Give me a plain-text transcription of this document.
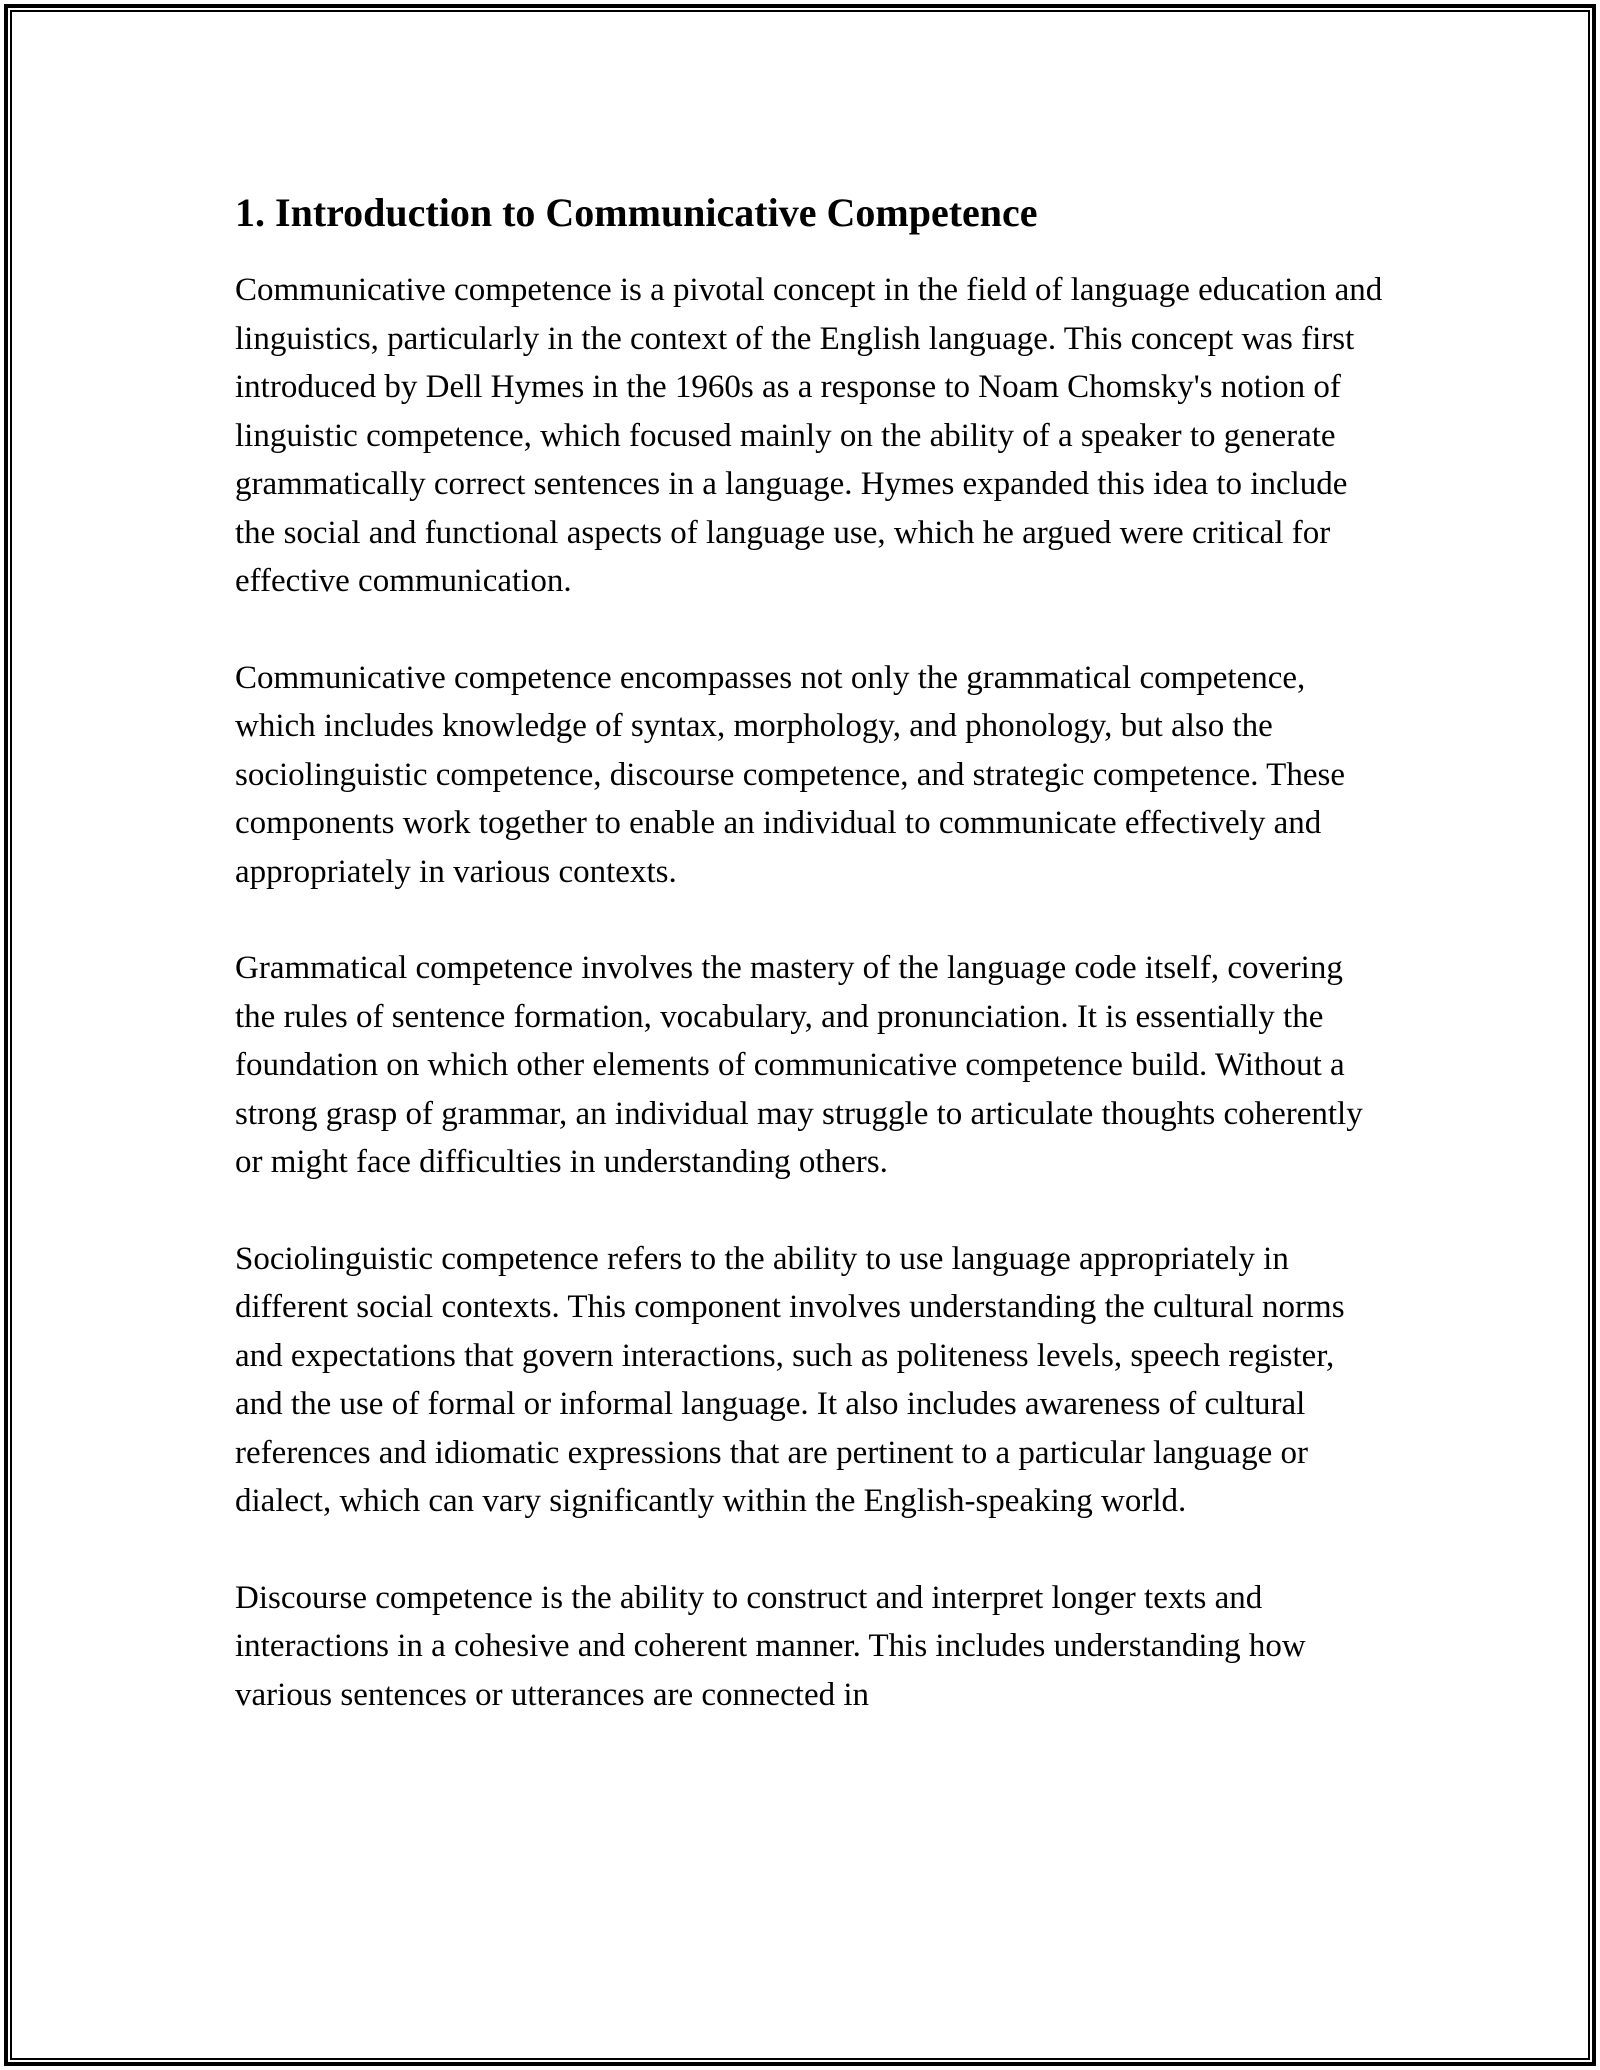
1. Introduction to Communicative Competence

Communicative competence is a pivotal concept in the field of language education and linguistics, particularly in the context of the English language. This concept was first introduced by Dell Hymes in the 1960s as a response to Noam Chomsky's notion of linguistic competence, which focused mainly on the ability of a speaker to generate grammatically correct sentences in a language. Hymes expanded this idea to include the social and functional aspects of language use, which he argued were critical for effective communication.

Communicative competence encompasses not only the grammatical competence, which includes knowledge of syntax, morphology, and phonology, but also the sociolinguistic competence, discourse competence, and strategic competence. These components work together to enable an individual to communicate effectively and appropriately in various contexts.

Grammatical competence involves the mastery of the language code itself, covering the rules of sentence formation, vocabulary, and pronunciation. It is essentially the foundation on which other elements of communicative competence build. Without a strong grasp of grammar, an individual may struggle to articulate thoughts coherently or might face difficulties in understanding others.

Sociolinguistic competence refers to the ability to use language appropriately in different social contexts. This component involves understanding the cultural norms and expectations that govern interactions, such as politeness levels, speech register, and the use of formal or informal language. It also includes awareness of cultural references and idiomatic expressions that are pertinent to a particular language or dialect, which can vary significantly within the English-speaking world.

Discourse competence is the ability to construct and interpret longer texts and interactions in a cohesive and coherent manner. This includes understanding how various sentences or utterances are connected in
